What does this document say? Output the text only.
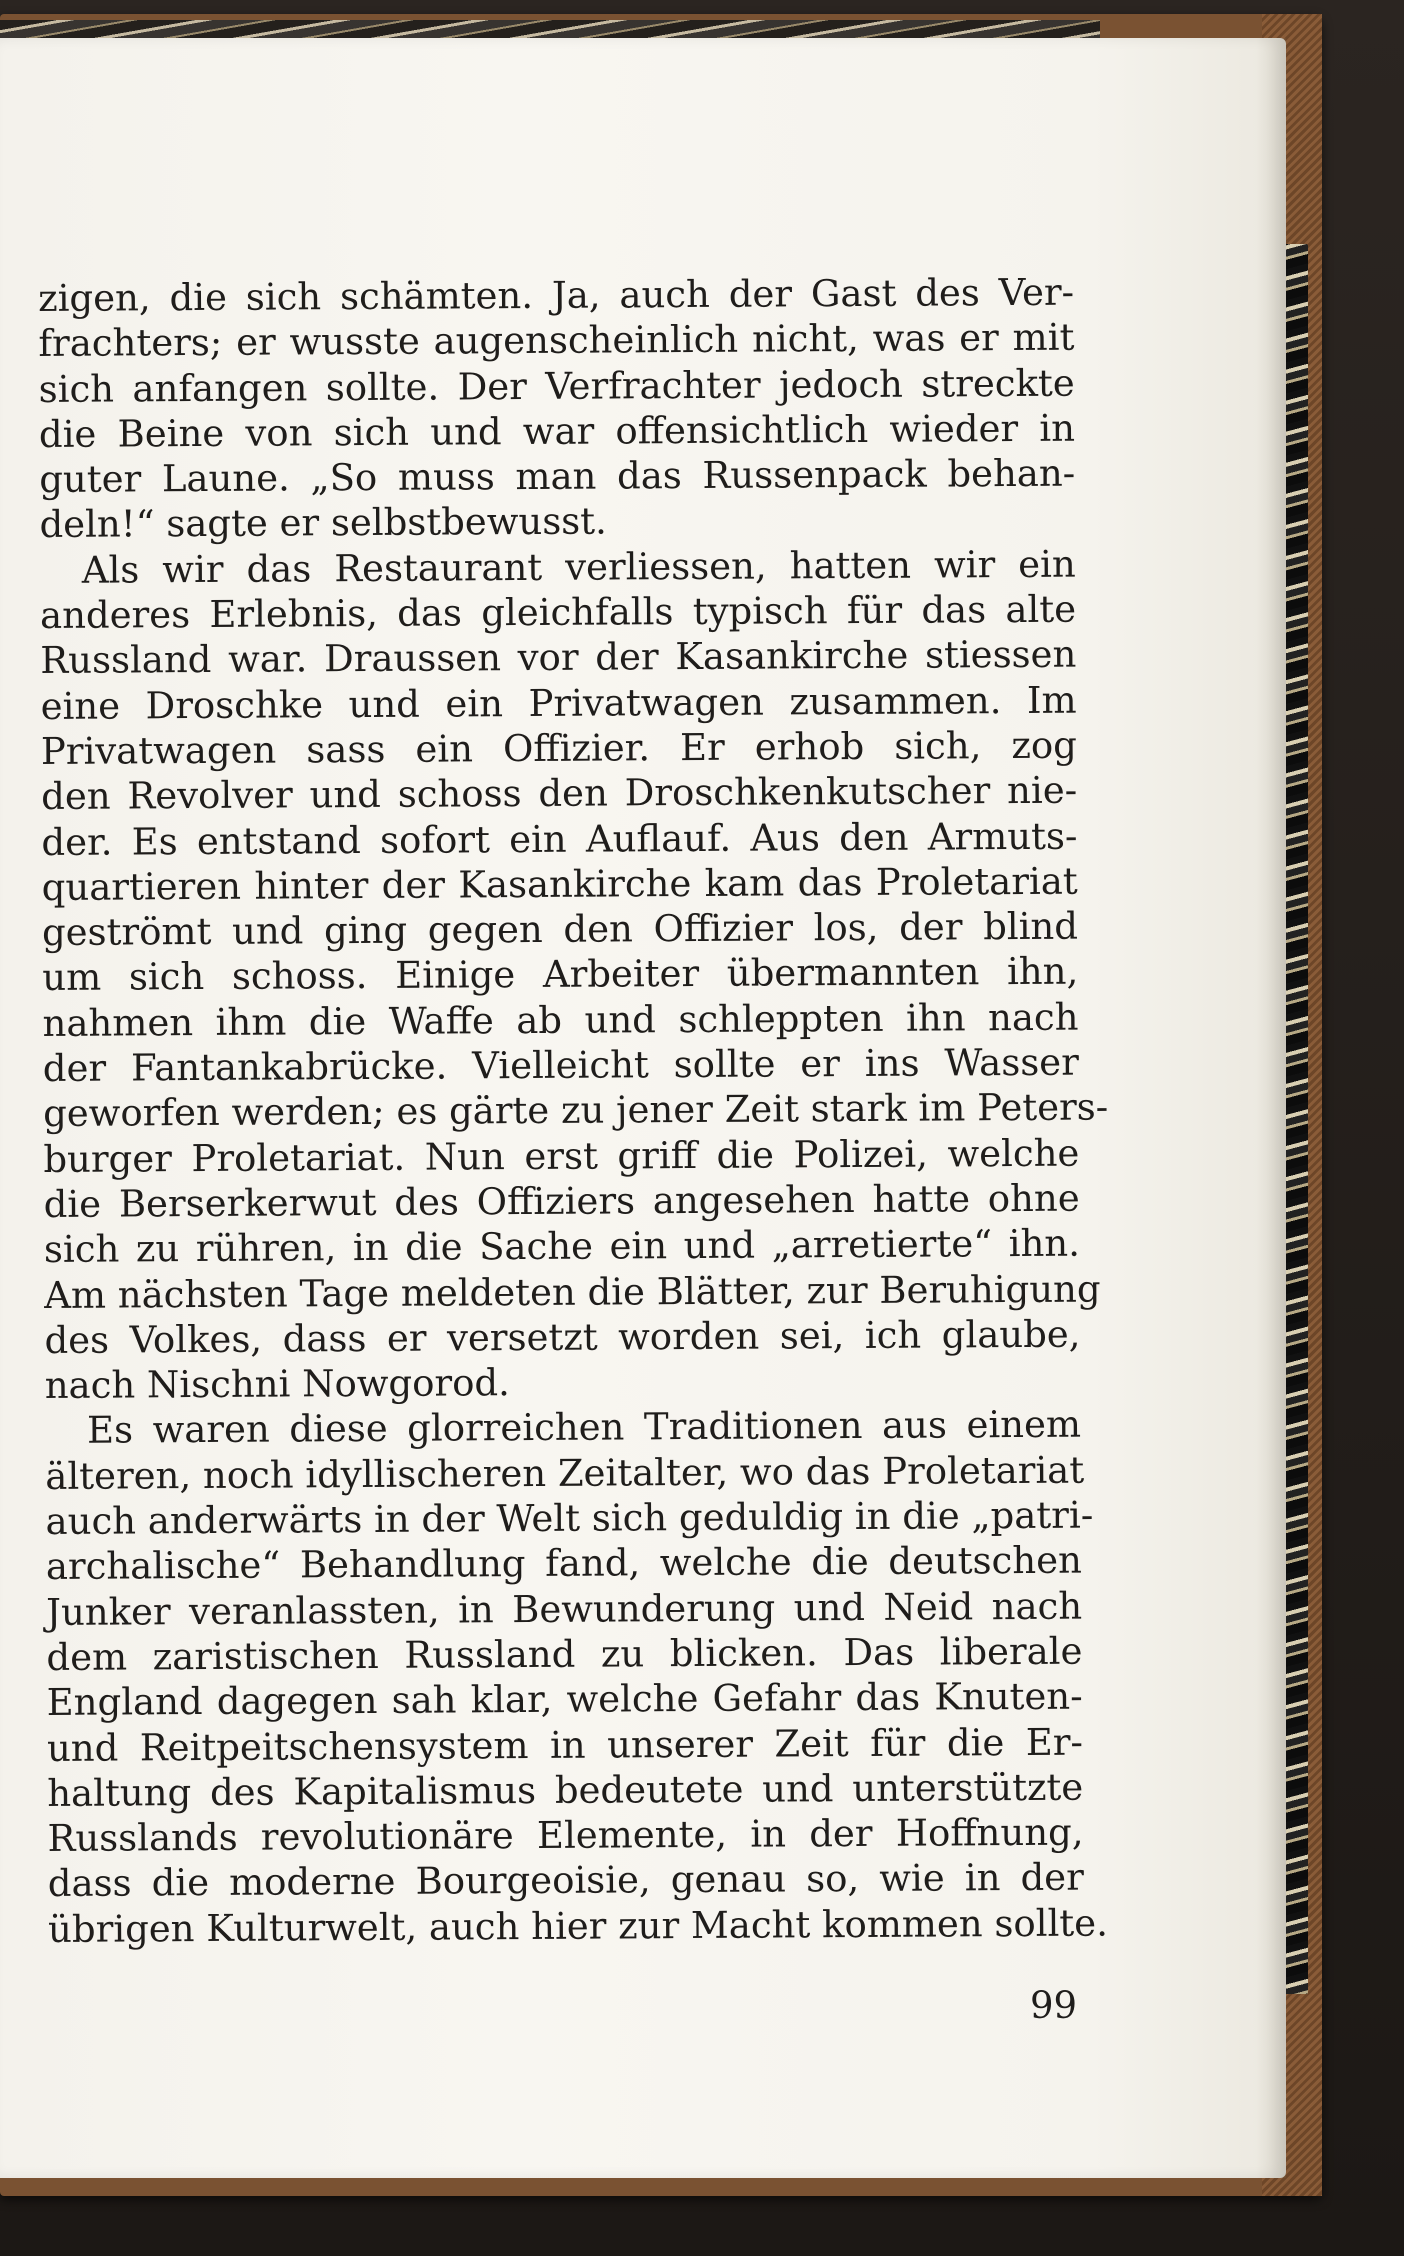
zigen, die sich schämten. Ja, auch der Gast des Ver-
frachters; er wusste augenscheinlich nicht, was er mit
sich anfangen sollte. Der Verfrachter jedoch streckte
die Beine von sich und war offensichtlich wieder in
guter Laune. „So muss man das Russenpack behan-
deln!“ sagte er selbstbewusst.
Als wir das Restaurant verliessen, hatten wir ein
anderes Erlebnis, das gleichfalls typisch für das alte
Russland war. Draussen vor der Kasankirche stiessen
eine Droschke und ein Privatwagen zusammen. Im
Privatwagen sass ein Offizier. Er erhob sich, zog
den Revolver und schoss den Droschkenkutscher nie-
der. Es entstand sofort ein Auflauf. Aus den Armuts-
quartieren hinter der Kasankirche kam das Proletariat
geströmt und ging gegen den Offizier los, der blind
um sich schoss. Einige Arbeiter übermannten ihn,
nahmen ihm die Waffe ab und schleppten ihn nach
der Fantankabrücke. Vielleicht sollte er ins Wasser
geworfen werden; es gärte zu jener Zeit stark im Peters-
burger Proletariat. Nun erst griff die Polizei, welche
die Berserkerwut des Offiziers angesehen hatte ohne
sich zu rühren, in die Sache ein und „arretierte“ ihn.
Am nächsten Tage meldeten die Blätter, zur Beruhigung
des Volkes, dass er versetzt worden sei, ich glaube,
nach Nischni Nowgorod.
Es waren diese glorreichen Traditionen aus einem
älteren, noch idyllischeren Zeitalter, wo das Proletariat
auch anderwärts in der Welt sich geduldig in die „patri-
archalische“ Behandlung fand, welche die deutschen
Junker veranlassten, in Bewunderung und Neid nach
dem zaristischen Russland zu blicken. Das liberale
England dagegen sah klar, welche Gefahr das Knuten-
und Reitpeitschensystem in unserer Zeit für die Er-
haltung des Kapitalismus bedeutete und unterstützte
Russlands revolutionäre Elemente, in der Hoffnung,
dass die moderne Bourgeoisie, genau so, wie in der
übrigen Kulturwelt, auch hier zur Macht kommen sollte.
99
